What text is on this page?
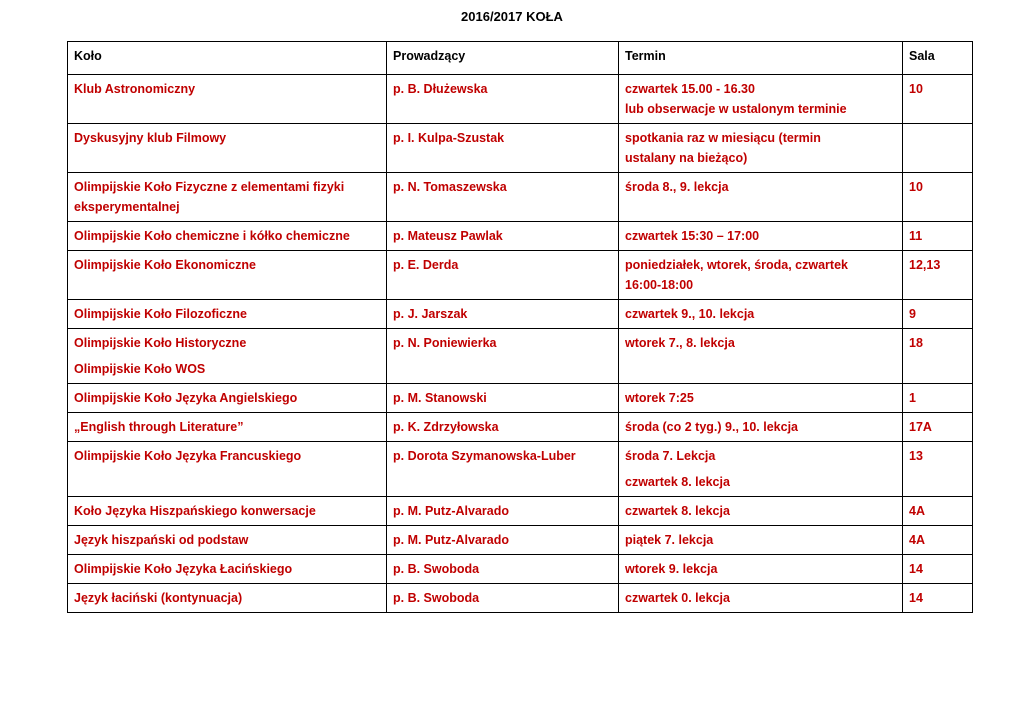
2016/2017 KOŁA
Koło	Prowadzący	Termin	Sala

Klub Astronomiczny	p. B. Dłużewska	czwartek 15.00 - 16.30
lub obserwacje w ustalonym terminie	10

Dyskusyjny klub Filmowy	p. I. Kulpa-Szustak	spotkania raz w miesiącu (termin
ustalany na bieżąco)	

Olimpijskie Koło Fizyczne z elementami fizyki
eksperymentalnej	p. N. Tomaszewska	środa 8., 9. lekcja	10

Olimpijskie Koło chemiczne i kółko chemiczne	p. Mateusz Pawlak	czwartek 15:30 – 17:00	11

Olimpijskie Koło Ekonomiczne	p. E. Derda	poniedziałek, wtorek, środa, czwartek
16:00-18:00	12,13

Olimpijskie Koło Filozoficzne	p. J. Jarszak	czwartek 9., 10. lekcja	9

Olimpijskie Koło Historyczne
Olimpijskie Koło WOS	p. N. Poniewierka	wtorek 7., 8. lekcja	18

Olimpijskie Koło Języka Angielskiego	p. M. Stanowski	wtorek 7:25	1

„English through Literature”	p. K. Zdrzyłowska	środa (co 2 tyg.) 9., 10. lekcja	17A

Olimpijskie Koło Języka Francuskiego	p. Dorota Szymanowska-Luber	środa 7. Lekcja
czwartek 8. lekcja	13

Koło Języka Hiszpańskiego konwersacje	p. M. Putz-Alvarado	czwartek 8. lekcja	4A

Język hiszpański od podstaw	p. M. Putz-Alvarado	piątek 7. lekcja	4A

Olimpijskie Koło Języka Łacińskiego	p. B. Swoboda	wtorek 9. lekcja	14

Język łaciński (kontynuacja)	p. B. Swoboda	czwartek 0. lekcja	14
